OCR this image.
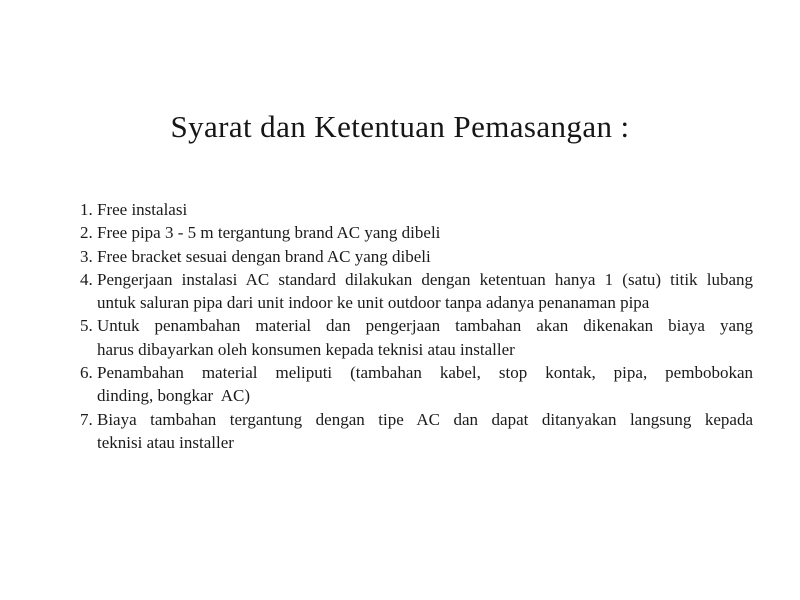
Syarat dan Ketentuan Pemasangan :
1. Free instalasi
2. Free pipa 3 - 5 m tergantung brand AC yang dibeli
3. Free bracket sesuai dengan brand AC yang dibeli
4. Pengerjaan instalasi AC standard dilakukan dengan ketentuan hanya 1 (satu) titik lubang
untuk saluran pipa dari unit indoor ke unit outdoor tanpa adanya penanaman pipa
5. Untuk penambahan material dan pengerjaan tambahan akan dikenakan biaya yang
harus dibayarkan oleh konsumen kepada teknisi atau installer
6. Penambahan material meliputi (tambahan kabel, stop kontak, pipa, pembobokan
dinding, bongkar  AC)
7. Biaya tambahan tergantung dengan tipe AC dan dapat ditanyakan langsung kepada
teknisi atau installer
